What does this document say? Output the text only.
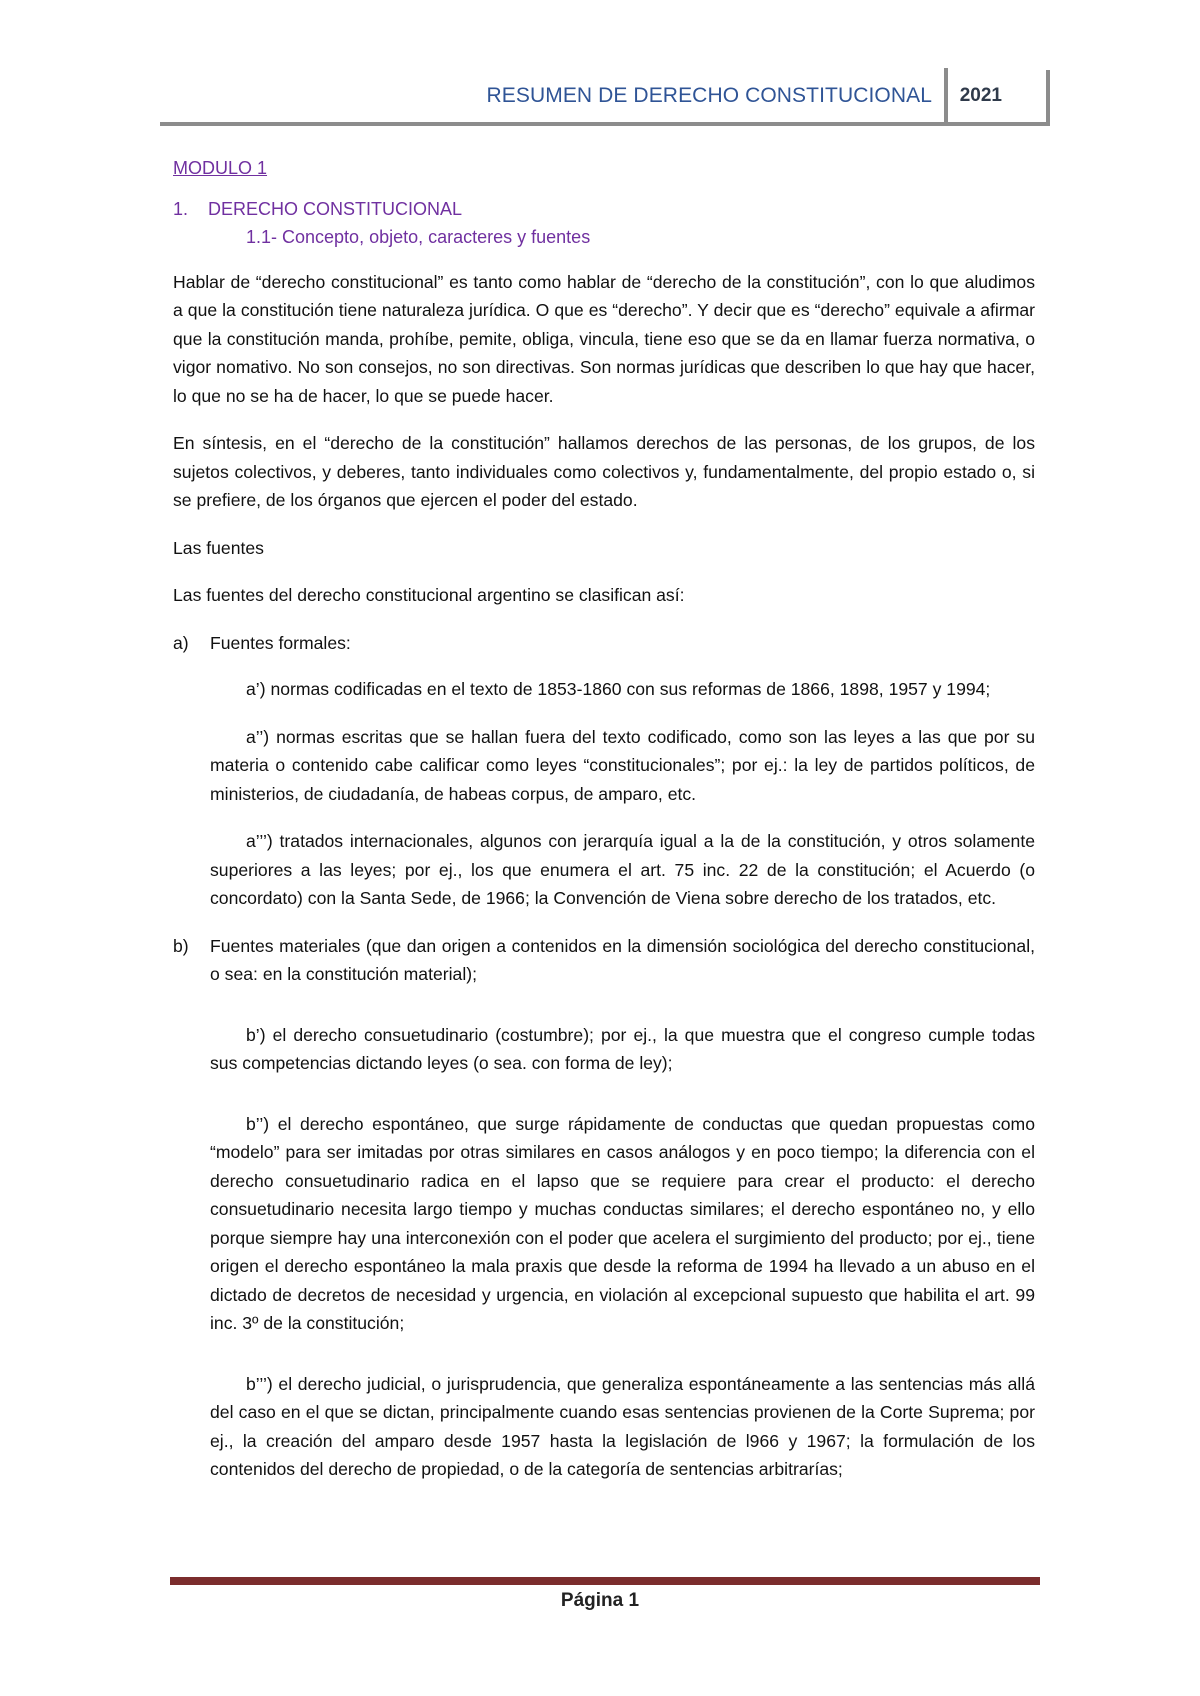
RESUMEN DE DERECHO CONSTITUCIONAL 2021

MODULO 1

1. DERECHO CONSTITUCIONAL

1.1- Concepto, objeto, caracteres y fuentes

Hablar de “derecho constitucional” es tanto como hablar de “derecho de la constitución”, con lo que aludimos a que la constitución tiene naturaleza jurídica. O que es “derecho”. Y decir que es “derecho” equivale a afirmar que la constitución manda, prohíbe, pemite, obliga, vincula, tiene eso que se da en llamar fuerza normativa, o vigor nomativo. No son consejos, no son directivas. Son normas jurídicas que describen lo que hay que hacer, lo que no se ha de hacer, lo que se puede hacer.

En síntesis, en el “derecho de la constitución” hallamos derechos de las personas, de los grupos, de los sujetos colectivos, y deberes, tanto individuales como colectivos y, fundamentalmente, del propio estado o, si se prefiere, de los órganos que ejercen el poder del estado.

Las fuentes

Las fuentes del derecho constitucional argentino se clasifican así:

a)	Fuentes formales:

a’) normas codificadas en el texto de 1853-1860 con sus reformas de 1866, 1898, 1957 y 1994;

a’’) normas escritas que se hallan fuera del texto codificado, como son las leyes a las que por su materia o contenido cabe calificar como leyes “constitucionales”; por ej.: la ley de partidos políticos, de ministerios, de ciudadanía, de habeas corpus, de amparo, etc.

a’’’) tratados internacionales, algunos con jerarquía igual a la de la constitución, y otros solamente superiores a las leyes; por ej., los que enumera el art. 75 inc. 22 de la constitución; el Acuerdo (o concordato) con la Santa Sede, de 1966; la Convención de Viena sobre derecho de los tratados, etc.

b)	Fuentes materiales (que dan origen a contenidos en la dimensión sociológica del derecho constitucional, o sea: en la constitución material);

b’) el derecho consuetudinario (costumbre); por ej., la que muestra que el congreso cumple todas sus competencias dictando leyes (o sea. con forma de ley);

b’’) el derecho espontáneo, que surge rápidamente de conductas que quedan propuestas como “modelo” para ser imitadas por otras similares en casos análogos y en poco tiempo; la diferencia con el derecho consuetudinario radica en el lapso que se requiere para crear el producto: el derecho consuetudinario necesita largo tiempo y muchas conductas similares; el derecho espontáneo no, y ello porque siempre hay una interconexión con el poder que acelera el surgimiento del producto; por ej., tiene origen el derecho espontáneo la mala praxis que desde la reforma de 1994 ha llevado a un abuso en el dictado de decretos de necesidad y urgencia, en violación al excepcional supuesto que habilita el art. 99 inc. 3º de la constitución;

b’’’) el derecho judicial, o jurisprudencia, que generaliza espontáneamente a las sentencias más allá del caso en el que se dictan, principalmente cuando esas sentencias provienen de la Corte Suprema; por ej., la creación del amparo desde 1957 hasta la legislación de l966 y 1967; la formulación de los contenidos del derecho de propiedad, o de la categoría de sentencias arbitrarías;

Página 1
